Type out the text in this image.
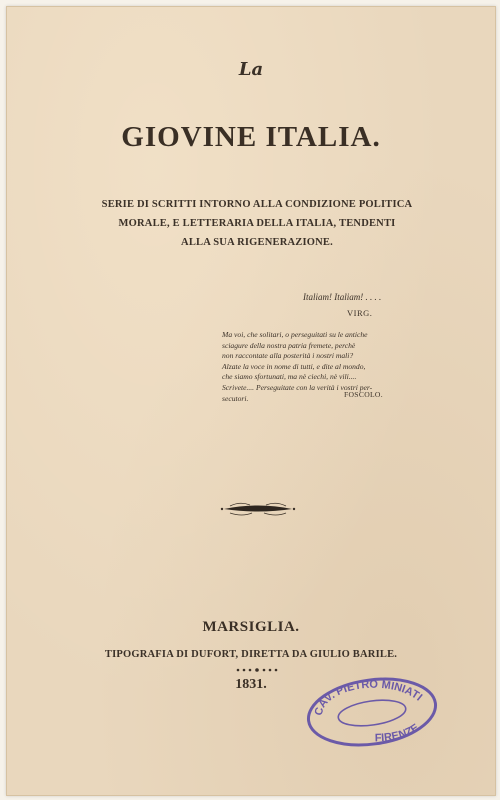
La
GIOVINE ITALIA.
SERIE DI SCRITTI INTORNO ALLA CONDIZIONE POLITICA
MORALE, E LETTERARIA DELLA ITALIA, TENDENTI
ALLA SUA RIGENERAZIONE.
Italiam! Italiam! . . . .
VIRG.
Ma voi, che solitari, o perseguitati su le antiche
sciagure della nostra patria fremete, perchè
non raccontate alla posterità i nostri mali?
Alzate la voce in nome di tutti, e dite al mondo,
che siamo sfortunati, ma nè ciechi, nè vili....
Scrivete.... Perseguitate con la verità i vostri per-
secutori.	FOSCOLO.
MARSIGLIA.
TIPOGRAFIA DI DUFORT, DIRETTA DA GIULIO BARILE.
1831.
CAV. PIETRO MINIATI
FIRENZE
